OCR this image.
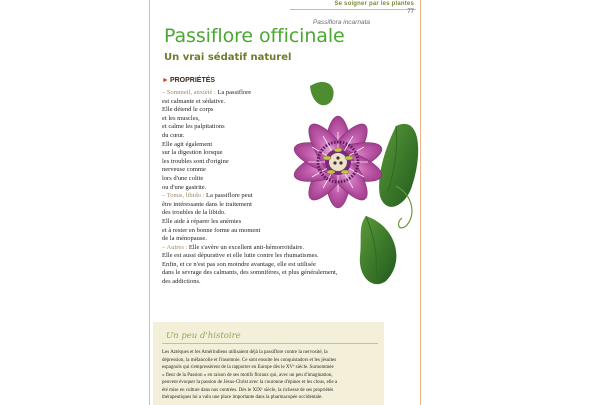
Se soigner par les plantes
77
Passiflora incarnata
Passiflore officinale
Un vrai sédatif naturel
►PROPRIÉTÉS
– Sommeil, anxiété : La passiflore
est calmante et sédative.
Elle détend le corps
et les muscles,
et calme les palpitations
du cœur.
Elle agit également
sur la digestion lorsque
les troubles sont d'origine
nerveuse comme
lors d'une colite
ou d'une gastrite.
– Tonus, libido : La passiflore peut
être intéressante dans le traitement
des troubles de la libido.
Elle aide à réparer les anémies
et à rester en bonne forme au moment
de la ménopause.
– Autres : Elle s'avère un excellent anti-hémorroïdaire.
Elle est aussi dépurative et elle lutte contre les rhumatismes.
Enfin, et ce n'est pas son moindre avantage, elle est utilisée
dans le sevrage des calmants, des somnifères, et plus généralement,
des addictions.
Un peu d'histoire
Les Aztèques et les Amérindiens utilisaient déjà la passiflore contre la nervosité, la
dépression, la mélancolie et l'insomnie. Ce sont ensuite les conquistadors et les jésuites
espagnols qui s'empressèrent de la rapporter en Europe dès le XVᵉ siècle. Surnommée
« fleur de la Passion » en raison de ses motifs floraux qui, avec un peu d'imagination,
peuvent évoquer la passion de Jésus-Christ avec la couronne d'épines et les clous, elle a
été mise en culture dans nos contrées. Dès le XIXᵉ siècle, la richesse de ses propriétés
thérapeutiques lui a valu une place importante dans la pharmacopée occidentale.
